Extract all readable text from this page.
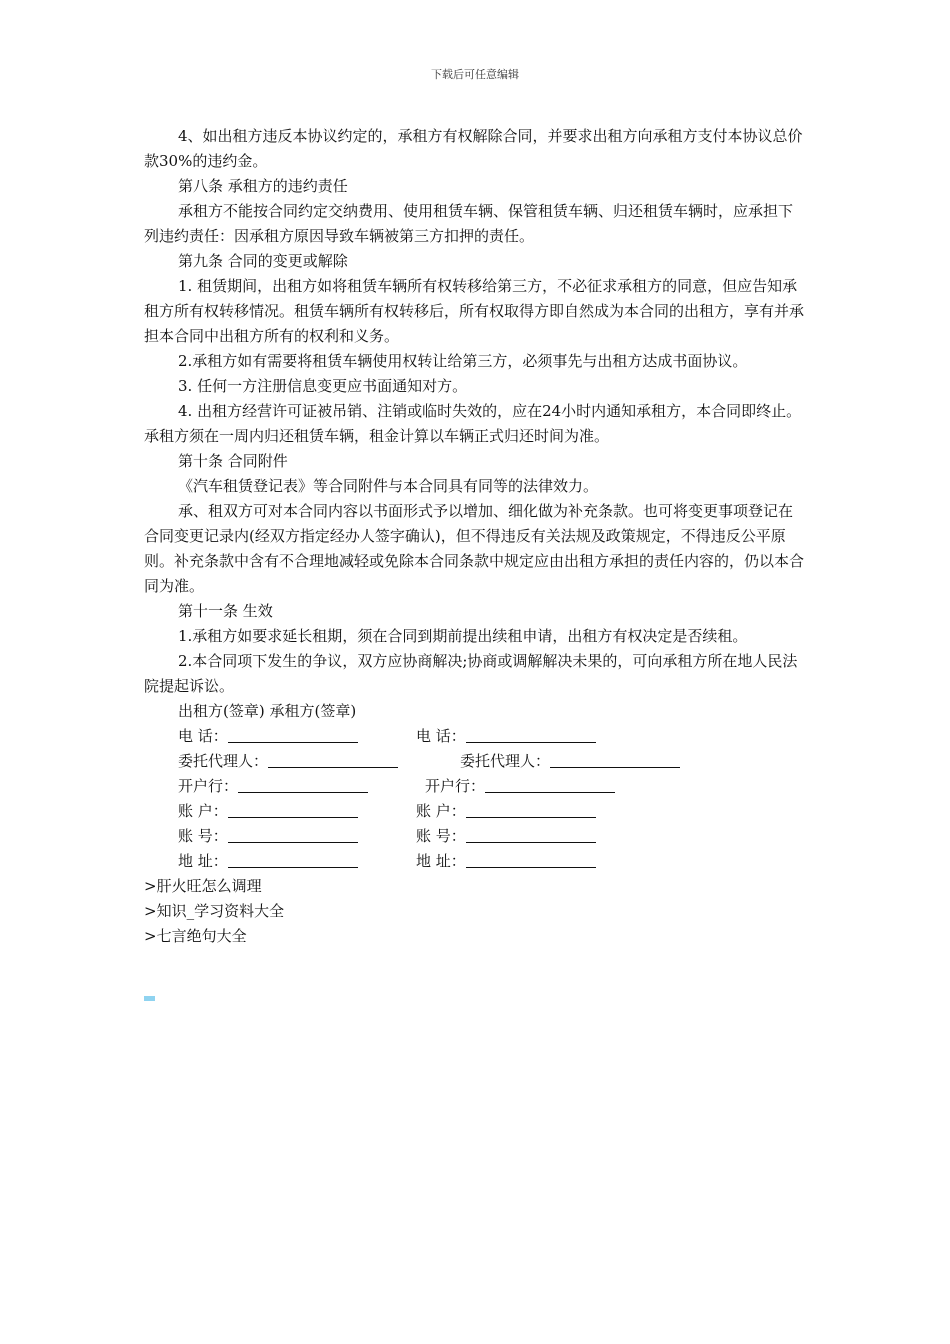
下载后可任意编辑

4、如出租方违反本协议约定的，承租方有权解除合同，并要求出租方向承租方支付本协议总价款30%的违约金。

第八条 承租方的违约责任

承租方不能按合同约定交纳费用、使用租赁车辆、保管租赁车辆、归还租赁车辆时，应承担下列违约责任：因承租方原因导致车辆被第三方扣押的责任。

第九条 合同的变更或解除

1. 租赁期间，出租方如将租赁车辆所有权转移给第三方，不必征求承租方的同意，但应告知承租方所有权转移情况。租赁车辆所有权转移后，所有权取得方即自然成为本合同的出租方，享有并承担本合同中出租方所有的权利和义务。

2.承租方如有需要将租赁车辆使用权转让给第三方，必须事先与出租方达成书面协议。

3. 任何一方注册信息变更应书面通知对方。

4. 出租方经营许可证被吊销、注销或临时失效的，应在24小时内通知承租方，本合同即终止。承租方须在一周内归还租赁车辆，租金计算以车辆正式归还时间为准。

第十条 合同附件

《汽车租赁登记表》等合同附件与本合同具有同等的法律效力。

承、租双方可对本合同内容以书面形式予以增加、细化做为补充条款。也可将变更事项登记在合同变更记录内(经双方指定经办人签字确认)，但不得违反有关法规及政策规定，不得违反公平原则。补充条款中含有不合理地减轻或免除本合同条款中规定应由出租方承担的责任内容的，仍以本合同为准。

第十一条 生效

1.承租方如要求延长租期，须在合同到期前提出续租申请，出租方有权决定是否续租。

2.本合同项下发生的争议，双方应协商解决;协商或调解解决未果的，可向承租方所在地人民法院提起诉讼。

出租方(签章) 承租方(签章)

电 话：	电 话：
委托代理人：	委托代理人：
开户行：	开户行：
账 户：	账 户：
账 号：	账 号：
地 址：	地 址：
>肝火旺怎么调理
>知识_学习资料大全
>七言绝句大全
